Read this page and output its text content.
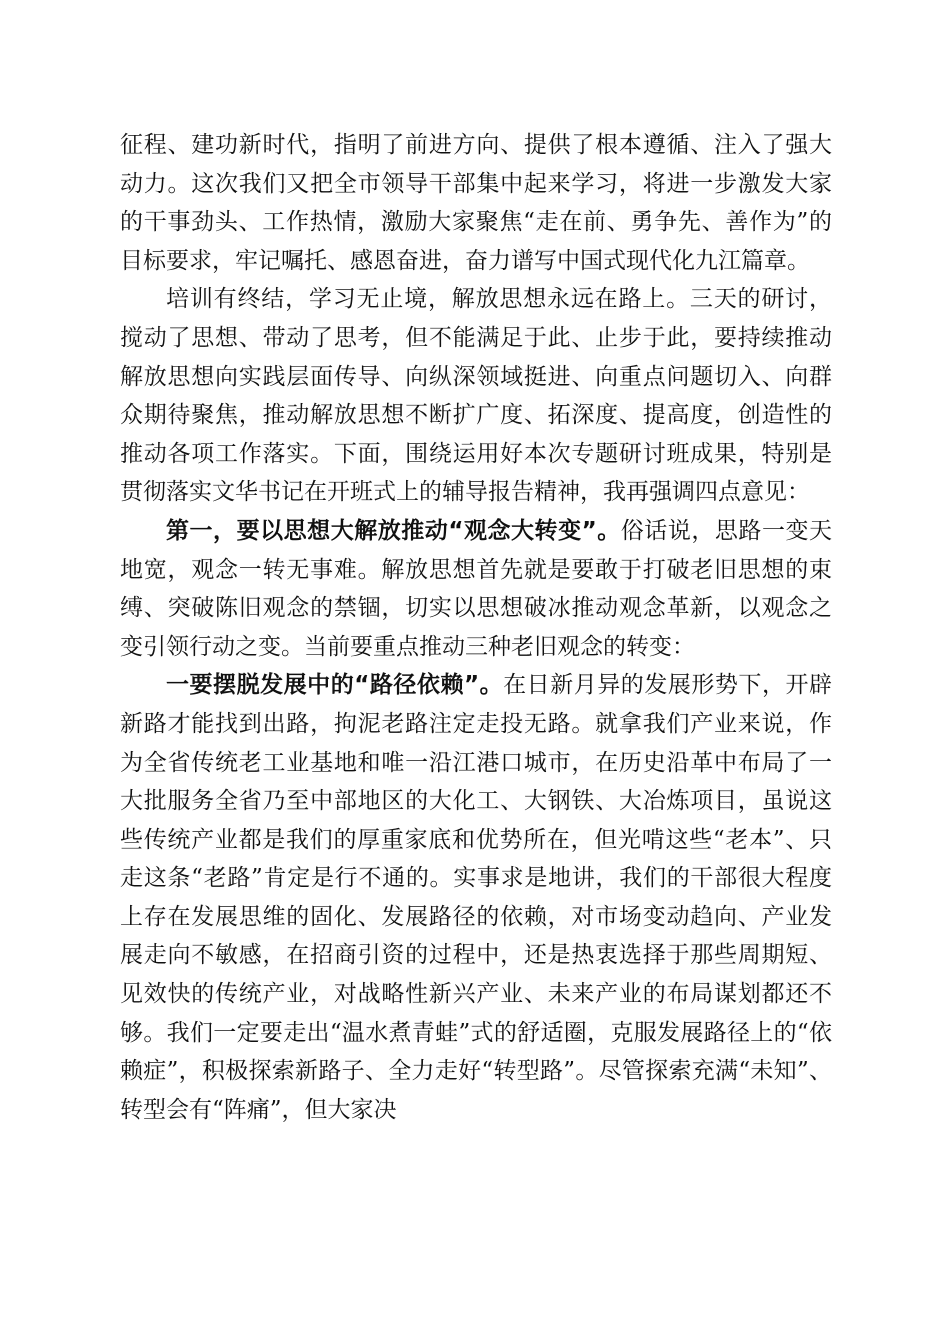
征程、建功新时代，指明了前进方向、提供了根本遵循、注入了强大动力。这次我们又把全市领导干部集中起来学习，将进一步激发大家的干事劲头、工作热情，激励大家聚焦“走在前、勇争先、善作为”的目标要求，牢记嘱托、感恩奋进，奋力谱写中国式现代化九江篇章。

培训有终结，学习无止境，解放思想永远在路上。三天的研讨，搅动了思想、带动了思考，但不能满足于此、止步于此，要持续推动解放思想向实践层面传导、向纵深领域挺进、向重点问题切入、向群众期待聚焦，推动解放思想不断扩广度、拓深度、提高度，创造性的推动各项工作落实。下面，围绕运用好本次专题研讨班成果，特别是贯彻落实文华书记在开班式上的辅导报告精神，我再强调四点意见：

第一，要以思想大解放推动“观念大转变”。俗话说，思路一变天地宽，观念一转无事难。解放思想首先就是要敢于打破老旧思想的束缚、突破陈旧观念的禁锢，切实以思想破冰推动观念革新，以观念之变引领行动之变。当前要重点推动三种老旧观念的转变：

一要摆脱发展中的“路径依赖”。在日新月异的发展形势下，开辟新路才能找到出路，拘泥老路注定走投无路。就拿我们产业来说，作为全省传统老工业基地和唯一沿江港口城市，在历史沿革中布局了一大批服务全省乃至中部地区的大化工、大钢铁、大冶炼项目，虽说这些传统产业都是我们的厚重家底和优势所在，但光啃这些“老本”、只走这条“老路”肯定是行不通的。实事求是地讲，我们的干部很大程度上存在发展思维的固化、发展路径的依赖，对市场变动趋向、产业发展走向不敏感，在招商引资的过程中，还是热衷选择于那些周期短、见效快的传统产业，对战略性新兴产业、未来产业的布局谋划都还不够。我们一定要走出“温水煮青蛙”式的舒适圈，克服发展路径上的“依赖症”，积极探索新路子、全力走好“转型路”。尽管探索充满“未知”、转型会有“阵痛”，但大家决
